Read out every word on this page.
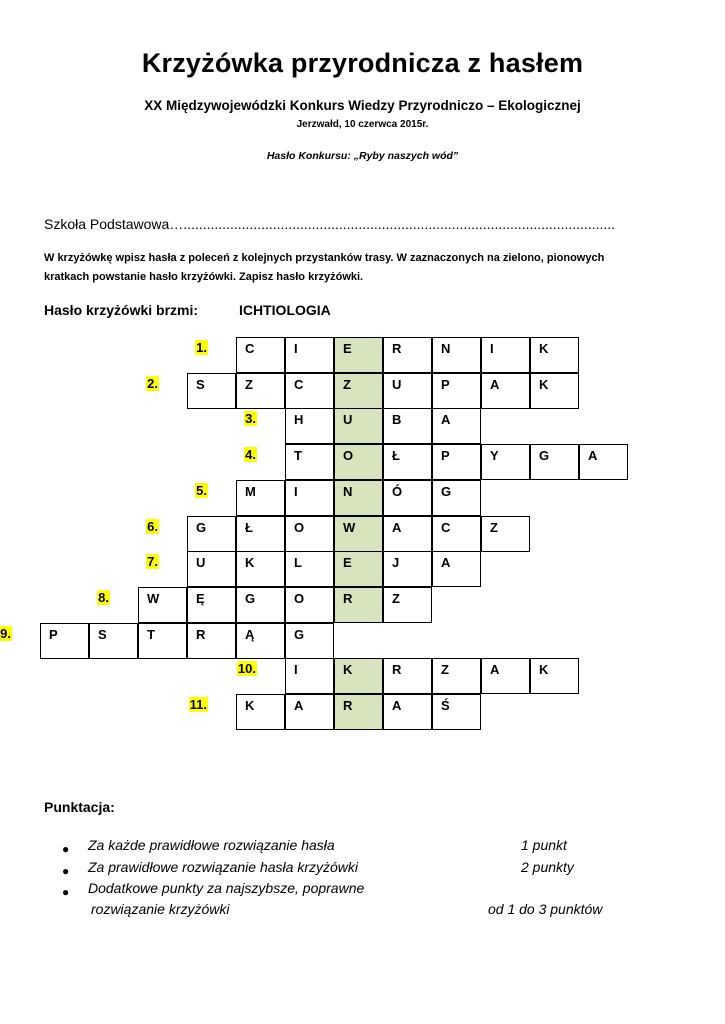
Krzyżówka przyrodnicza z hasłem
XX Międzywojewódzki Konkurs Wiedzy Przyrodniczo – Ekologicznej
Jerzwałd, 10 czerwca 2015r.
Hasło Konkursu: „Ryby naszych wód”
Szkoła Podstawowa…...............................................................................................................
W krzyżówkę wpisz hasła z poleceń z kolejnych przystanków trasy. W zaznaczonych na zielono, pionowych
kratkach powstanie hasło krzyżówki. Zapisz hasło krzyżówki.
Hasło krzyżówki brzmi:	ICHTIOLOGIA
1.	C	I	E	R	N	I	K
2.	S	Z	C	Z	U	P	A	K
3.	H	U	B	A
4.	T	O	Ł	P	Y	G	A
5.	M	I	N	Ó	G
6.	G	Ł	O	W	A	C	Z
7.	U	K	L	E	J	A
8.	W	Ę	G	O	R	Z
9.	P	S	T	R	Ą	G
10.	I	K	R	Z	A	K
11.	K	A	R	A	Ś
Punktacja:
● Za każde prawidłowe rozwiązanie hasła	1 punkt
● Za prawidłowe rozwiązanie hasła krzyżówki	2 punkty
● Dodatkowe punkty za najszybsze, poprawne
rozwiązanie krzyżówki	od 1 do 3 punktów
